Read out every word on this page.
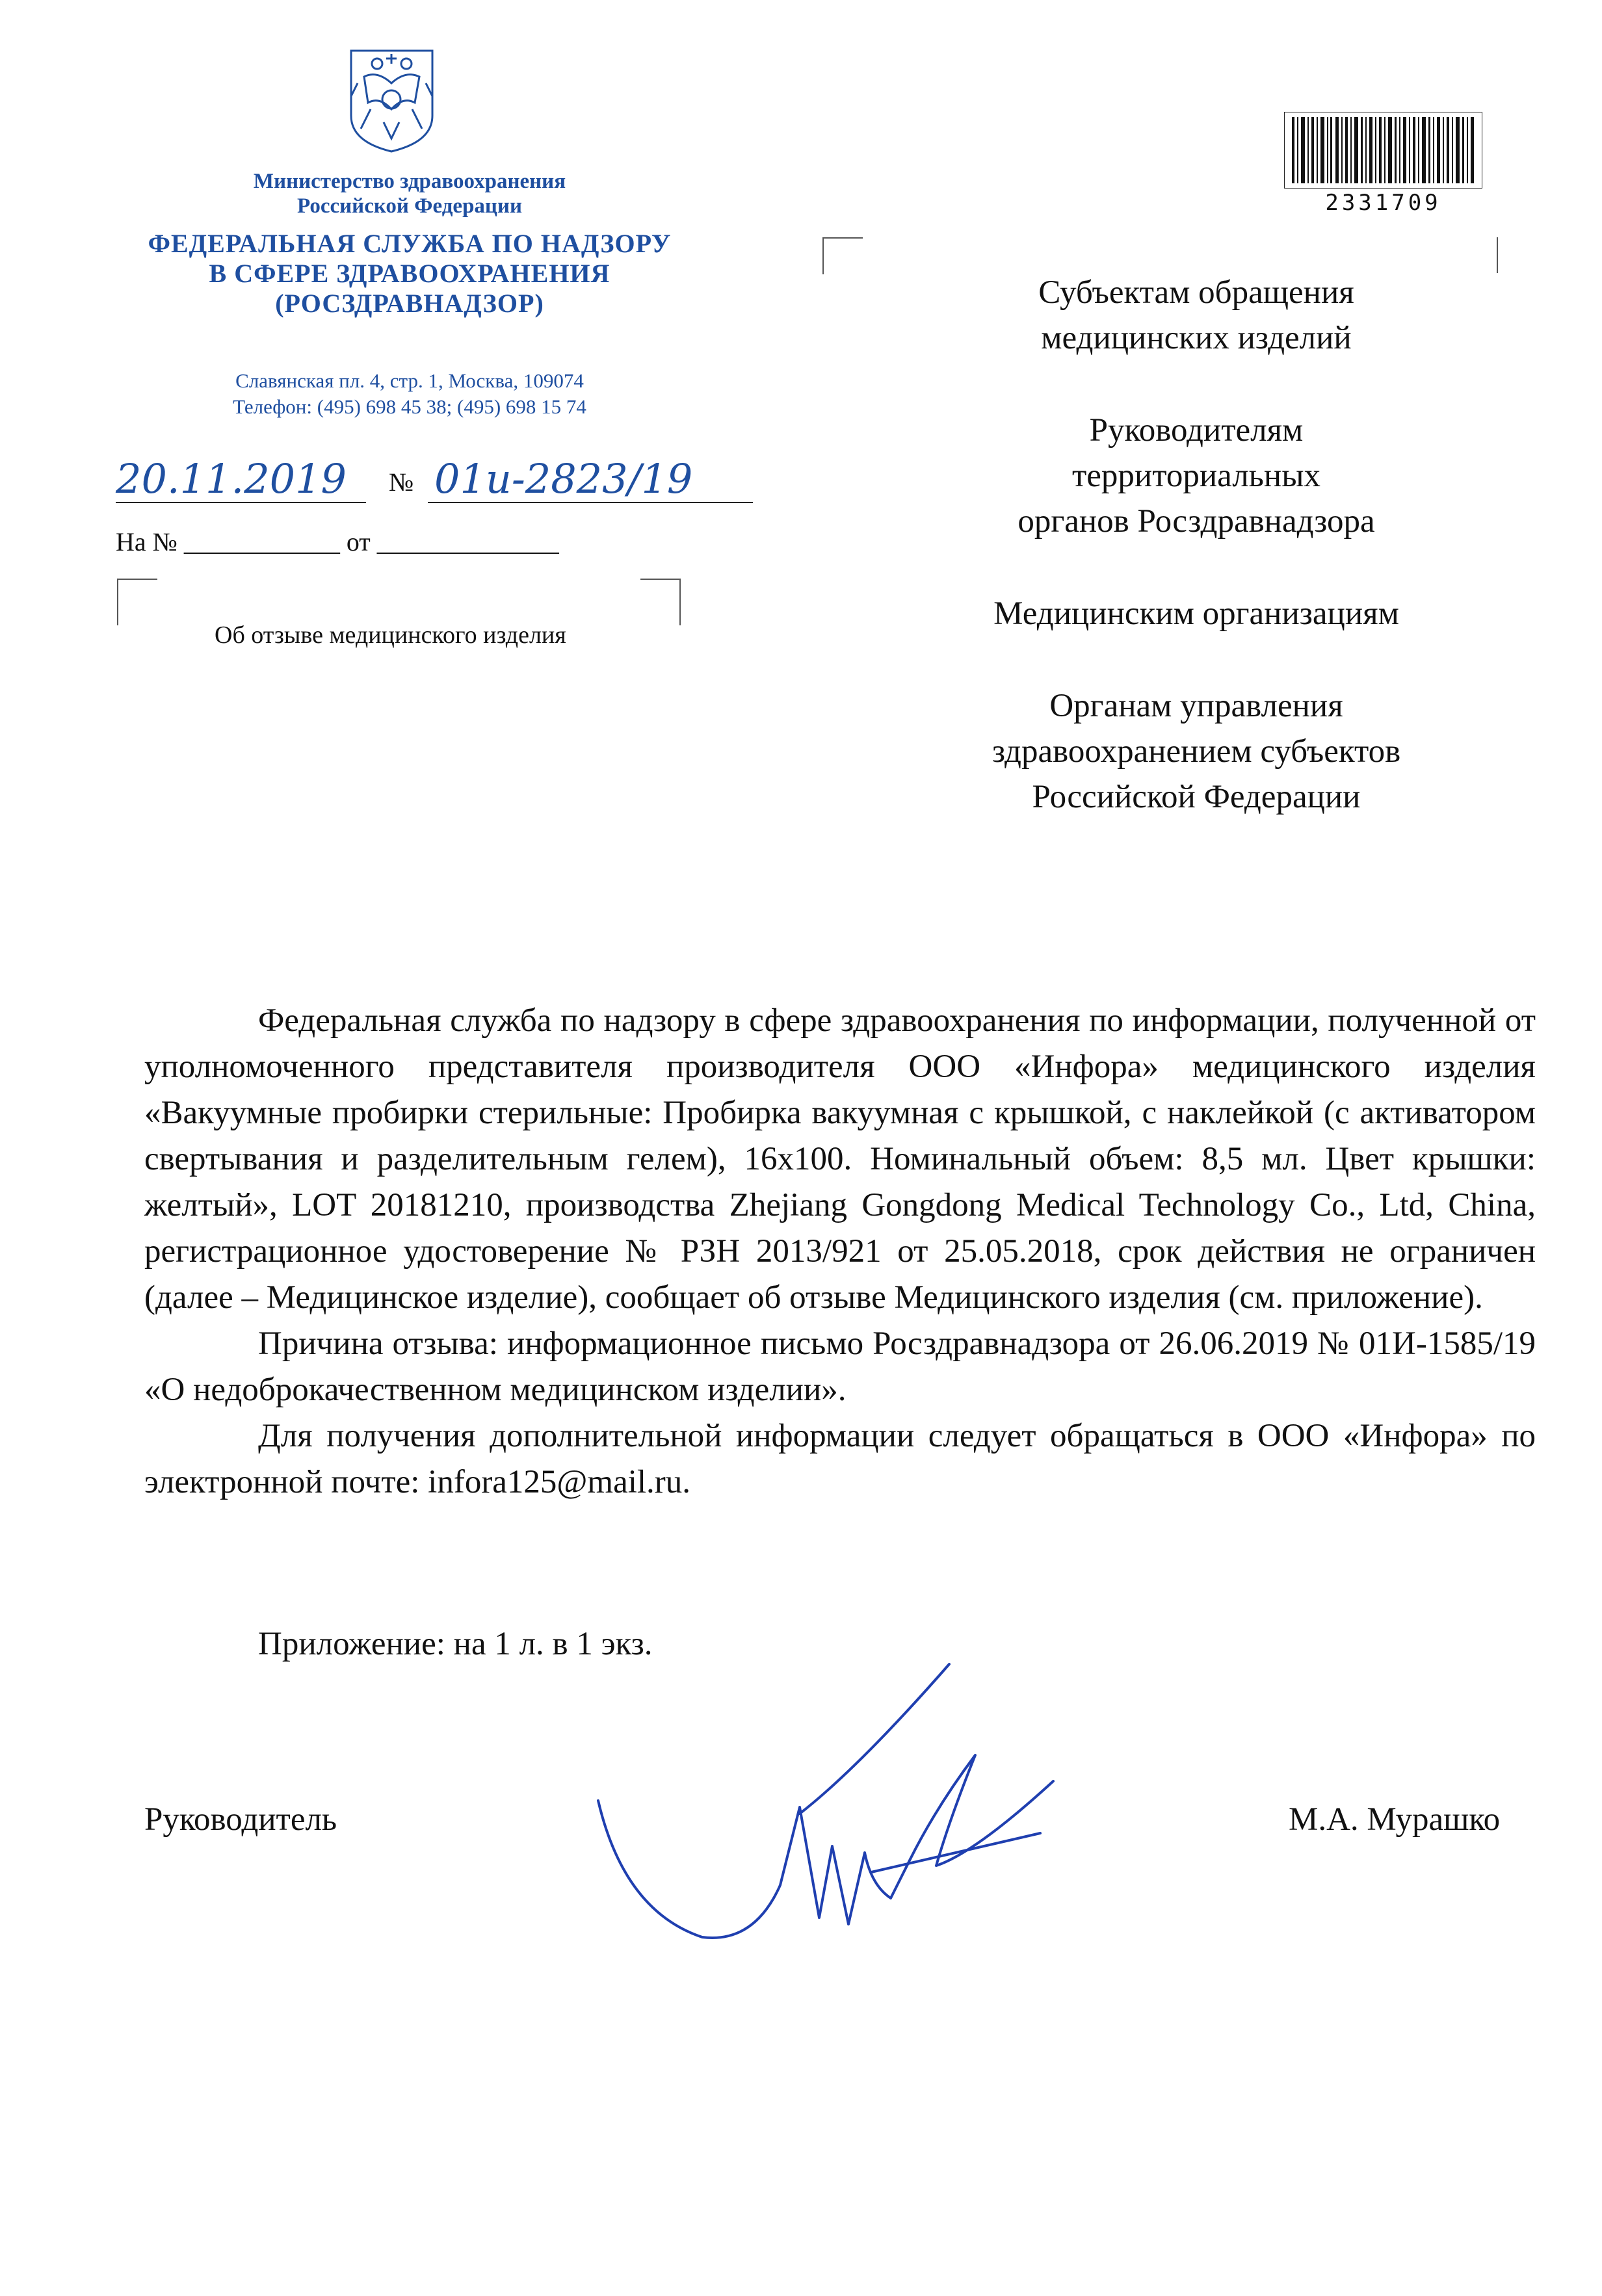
Министерство здравоохранения
Российской Федерации
ФЕДЕРАЛЬНАЯ СЛУЖБА ПО НАДЗОРУ
В СФЕРЕ ЗДРАВООХРАНЕНИЯ
(РОСЗДРАВНАДЗОР)
Славянская пл. 4, стр. 1, Москва, 109074
Телефон: (495) 698 45 38; (495) 698 15 74
20.11.2019 № 01и-2823/19
На № ____________ от ______________
Об отзыве медицинского изделия
2331709

Субъектам обращения
медицинских изделий

Руководителям
территориальных
органов Росздравнадзора

Медицинским организациям

Органам управления
здравоохранением субъектов
Российской Федерации

Федеральная служба по надзору в сфере здравоохранения по информации, полученной от уполномоченного представителя производителя ООО «Инфора» медицинского изделия «Вакуумные пробирки стерильные: Пробирка вакуумная с крышкой, с наклейкой (с активатором свертывания и разделительным гелем), 16x100. Номинальный объем: 8,5 мл. Цвет крышки: желтый», LOT 20181210, производства Zhejiang Gongdong Medical Technology Co., Ltd, China, регистрационное удостоверение № РЗН 2013/921 от 25.05.2018, срок действия не ограничен (далее – Медицинское изделие), сообщает об отзыве Медицинского изделия (см. приложение).

Причина отзыва: информационное письмо Росздравнадзора от 26.06.2019 № 01И-1585/19 «О недоброкачественном медицинском изделии».

Для получения дополнительной информации следует обращаться в ООО «Инфора» по электронной почте: infora125@mail.ru.

Приложение: на 1 л. в 1 экз.
Руководитель	М.А. Мурашко
